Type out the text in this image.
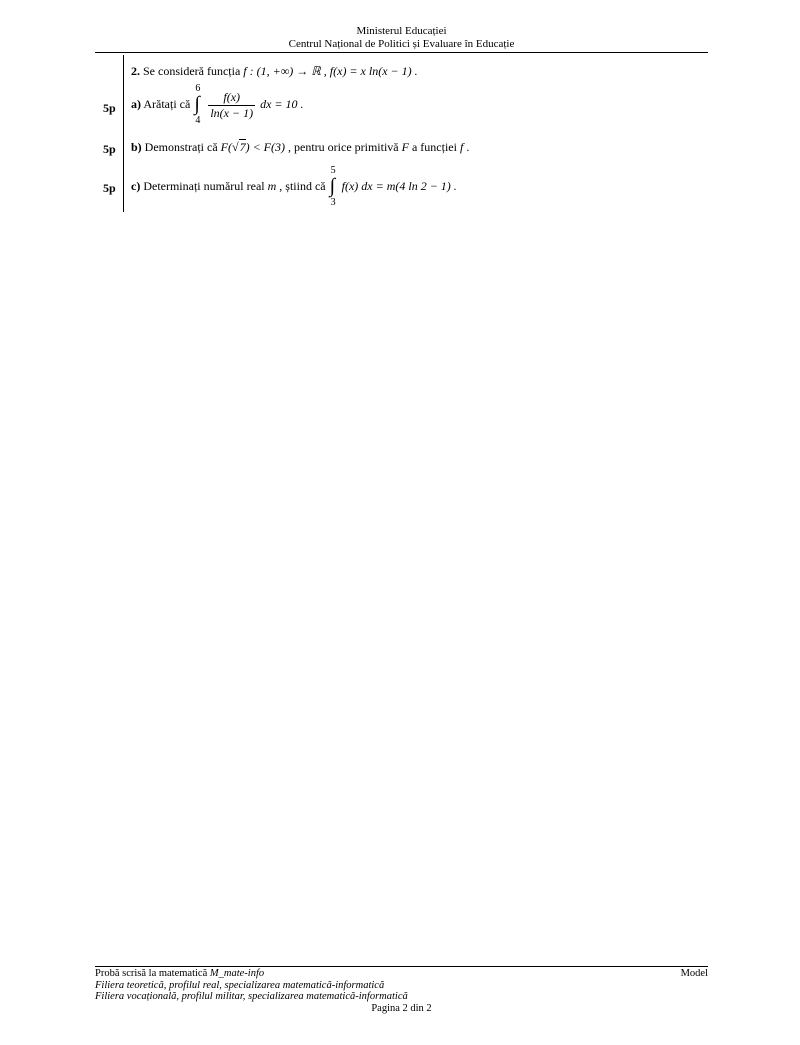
Ministerul Educației
Centrul Național de Politici și Evaluare în Educație
2. Se consideră funcția f : (1, +∞) → ℝ , f(x) = x ln(x − 1) .
5p a) Arătați că
6
∫
4
$\frac{f(x)}{\ln(x - 1)}$ dx = 10 .
5p b) Demonstrați că F(√7) < F(3) , pentru orice primitivă F a funcției f .
5p c) Determinați numărul real m , știind că
5
∫
3
f(x) dx = m(4 ln 2 − 1) .
Probă scrisă la matematică M_mate-info	Model
Filiera teoretică, profilul real, specializarea matematică-informatică
Filiera vocațională, profilul militar, specializarea matematică-informatică
Pagina 2 din 2
